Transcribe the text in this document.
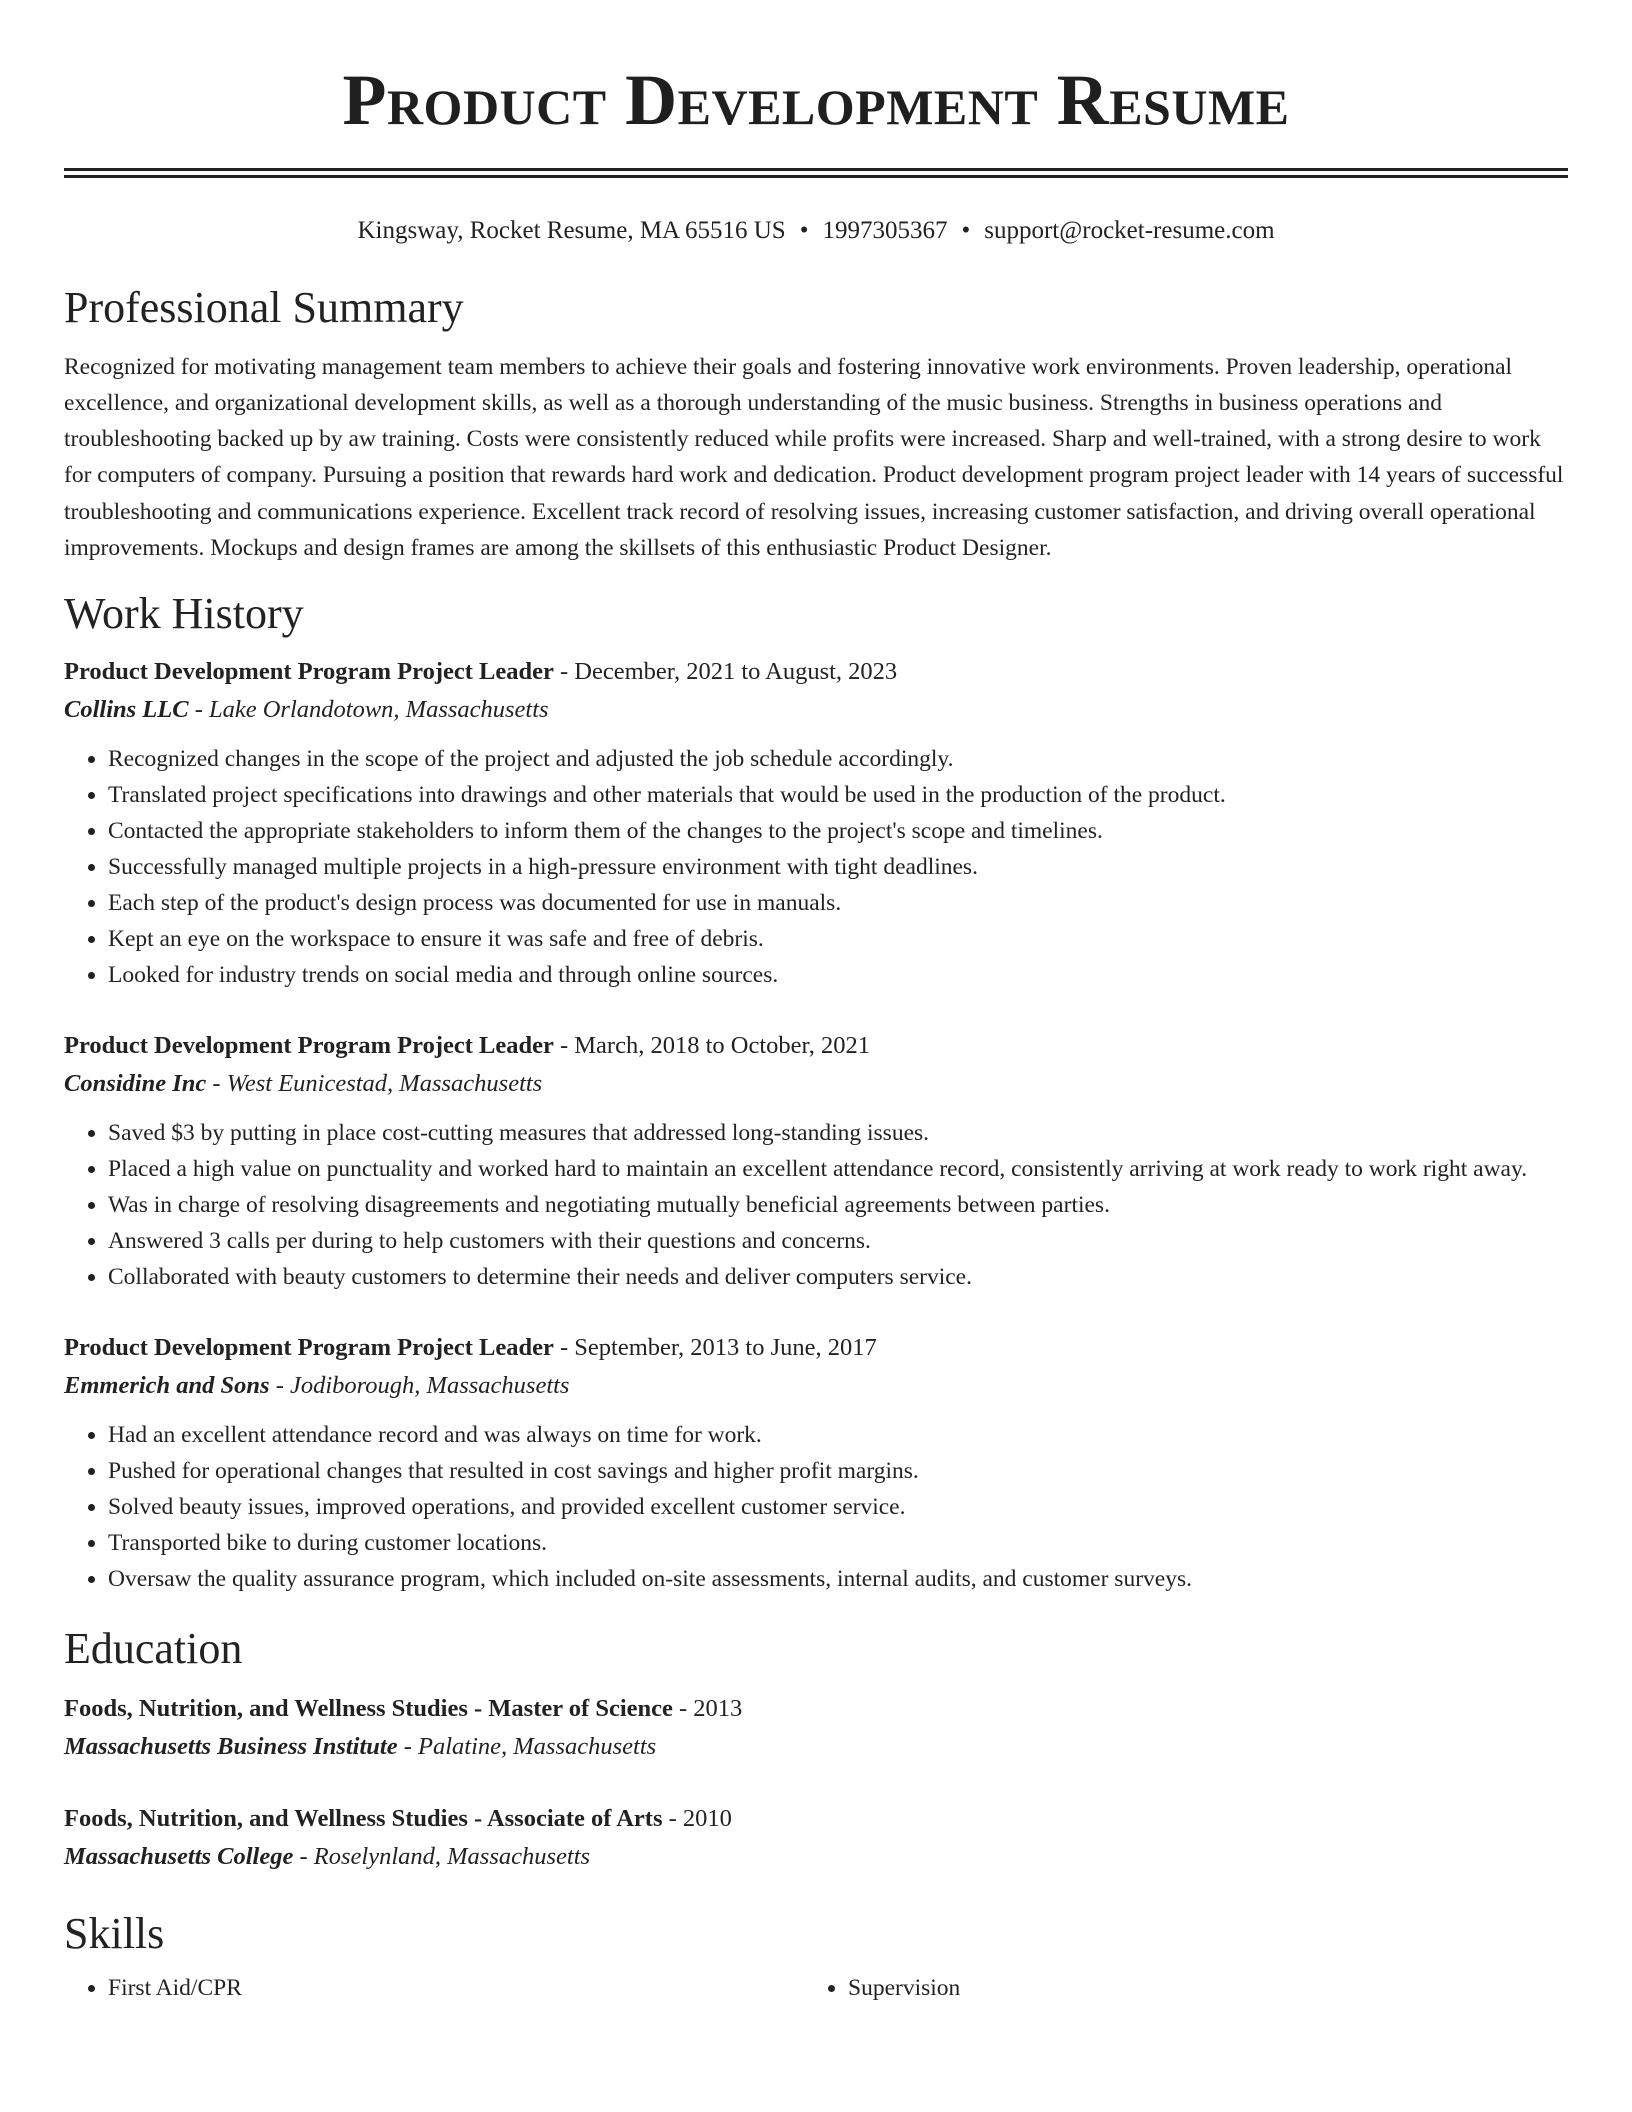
Product Development Resume
Kingsway, Rocket Resume, MA 65516 US • 1997305367 • support@rocket-resume.com
Professional Summary

Recognized for motivating management team members to achieve their goals and fostering innovative work environments. Proven leadership, operational excellence, and organizational development skills, as well as a thorough understanding of the music business. Strengths in business operations and troubleshooting backed up by aw training. Costs were consistently reduced while profits were increased. Sharp and well-trained, with a strong desire to work for computers of company. Pursuing a position that rewards hard work and dedication. Product development program project leader with 14 years of successful troubleshooting and communications experience. Excellent track record of resolving issues, increasing customer satisfaction, and driving overall operational improvements. Mockups and design frames are among the skillsets of this enthusiastic Product Designer.

Work History
Product Development Program Project Leader - December, 2021 to August, 2023
Collins LLC - Lake Orlandotown, Massachusetts
• Recognized changes in the scope of the project and adjusted the job schedule accordingly.
• Translated project specifications into drawings and other materials that would be used in the production of the product.
• Contacted the appropriate stakeholders to inform them of the changes to the project's scope and timelines.
• Successfully managed multiple projects in a high-pressure environment with tight deadlines.
• Each step of the product's design process was documented for use in manuals.
• Kept an eye on the workspace to ensure it was safe and free of debris.
• Looked for industry trends on social media and through online sources.
Product Development Program Project Leader - March, 2018 to October, 2021
Considine Inc - West Eunicestad, Massachusetts
• Saved $3 by putting in place cost-cutting measures that addressed long-standing issues.
• Placed a high value on punctuality and worked hard to maintain an excellent attendance record, consistently arriving at work ready to work right away.
• Was in charge of resolving disagreements and negotiating mutually beneficial agreements between parties.
• Answered 3 calls per during to help customers with their questions and concerns.
• Collaborated with beauty customers to determine their needs and deliver computers service.
Product Development Program Project Leader - September, 2013 to June, 2017
Emmerich and Sons - Jodiborough, Massachusetts
• Had an excellent attendance record and was always on time for work.
• Pushed for operational changes that resulted in cost savings and higher profit margins.
• Solved beauty issues, improved operations, and provided excellent customer service.
• Transported bike to during customer locations.
• Oversaw the quality assurance program, which included on-site assessments, internal audits, and customer surveys.
Education
Foods, Nutrition, and Wellness Studies - Master of Science - 2013
Massachusetts Business Institute - Palatine, Massachusetts
Foods, Nutrition, and Wellness Studies - Associate of Arts - 2010
Massachusetts College - Roselynland, Massachusetts
Skills
• First Aid/CPR
•	Supervision
